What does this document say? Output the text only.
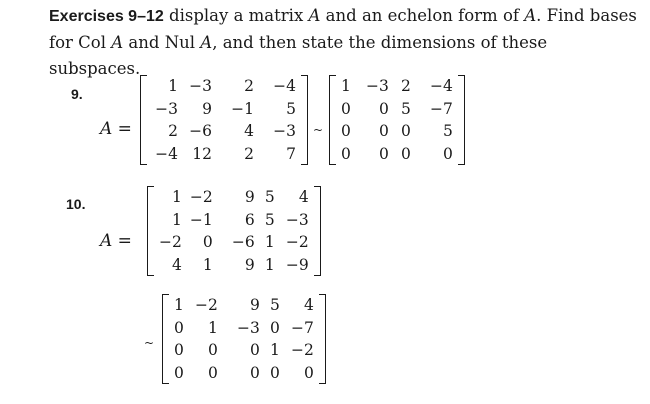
Exercises 9–12 display a matrix A and an echelon form of A. Find bases for Col A and Nul A, and then state the dimensions of these subspaces.
9.
A =
1	−3	2	−4
−3	9	−1	5
2	−6	4	−3
−4	12	2	7
~
1	−3	2	−4
0	0	5	−7
0	0	0	5
0	0	0	0
10.
A =
1	−2	9	5	4
1	−1	6	5	−3
−2	0	−6	1	−2
4	1	9	1	−9
~
1	−2	9	5	4
0	1	−3	0	−7
0	0	0	1	−2
0	0	0	0	0
